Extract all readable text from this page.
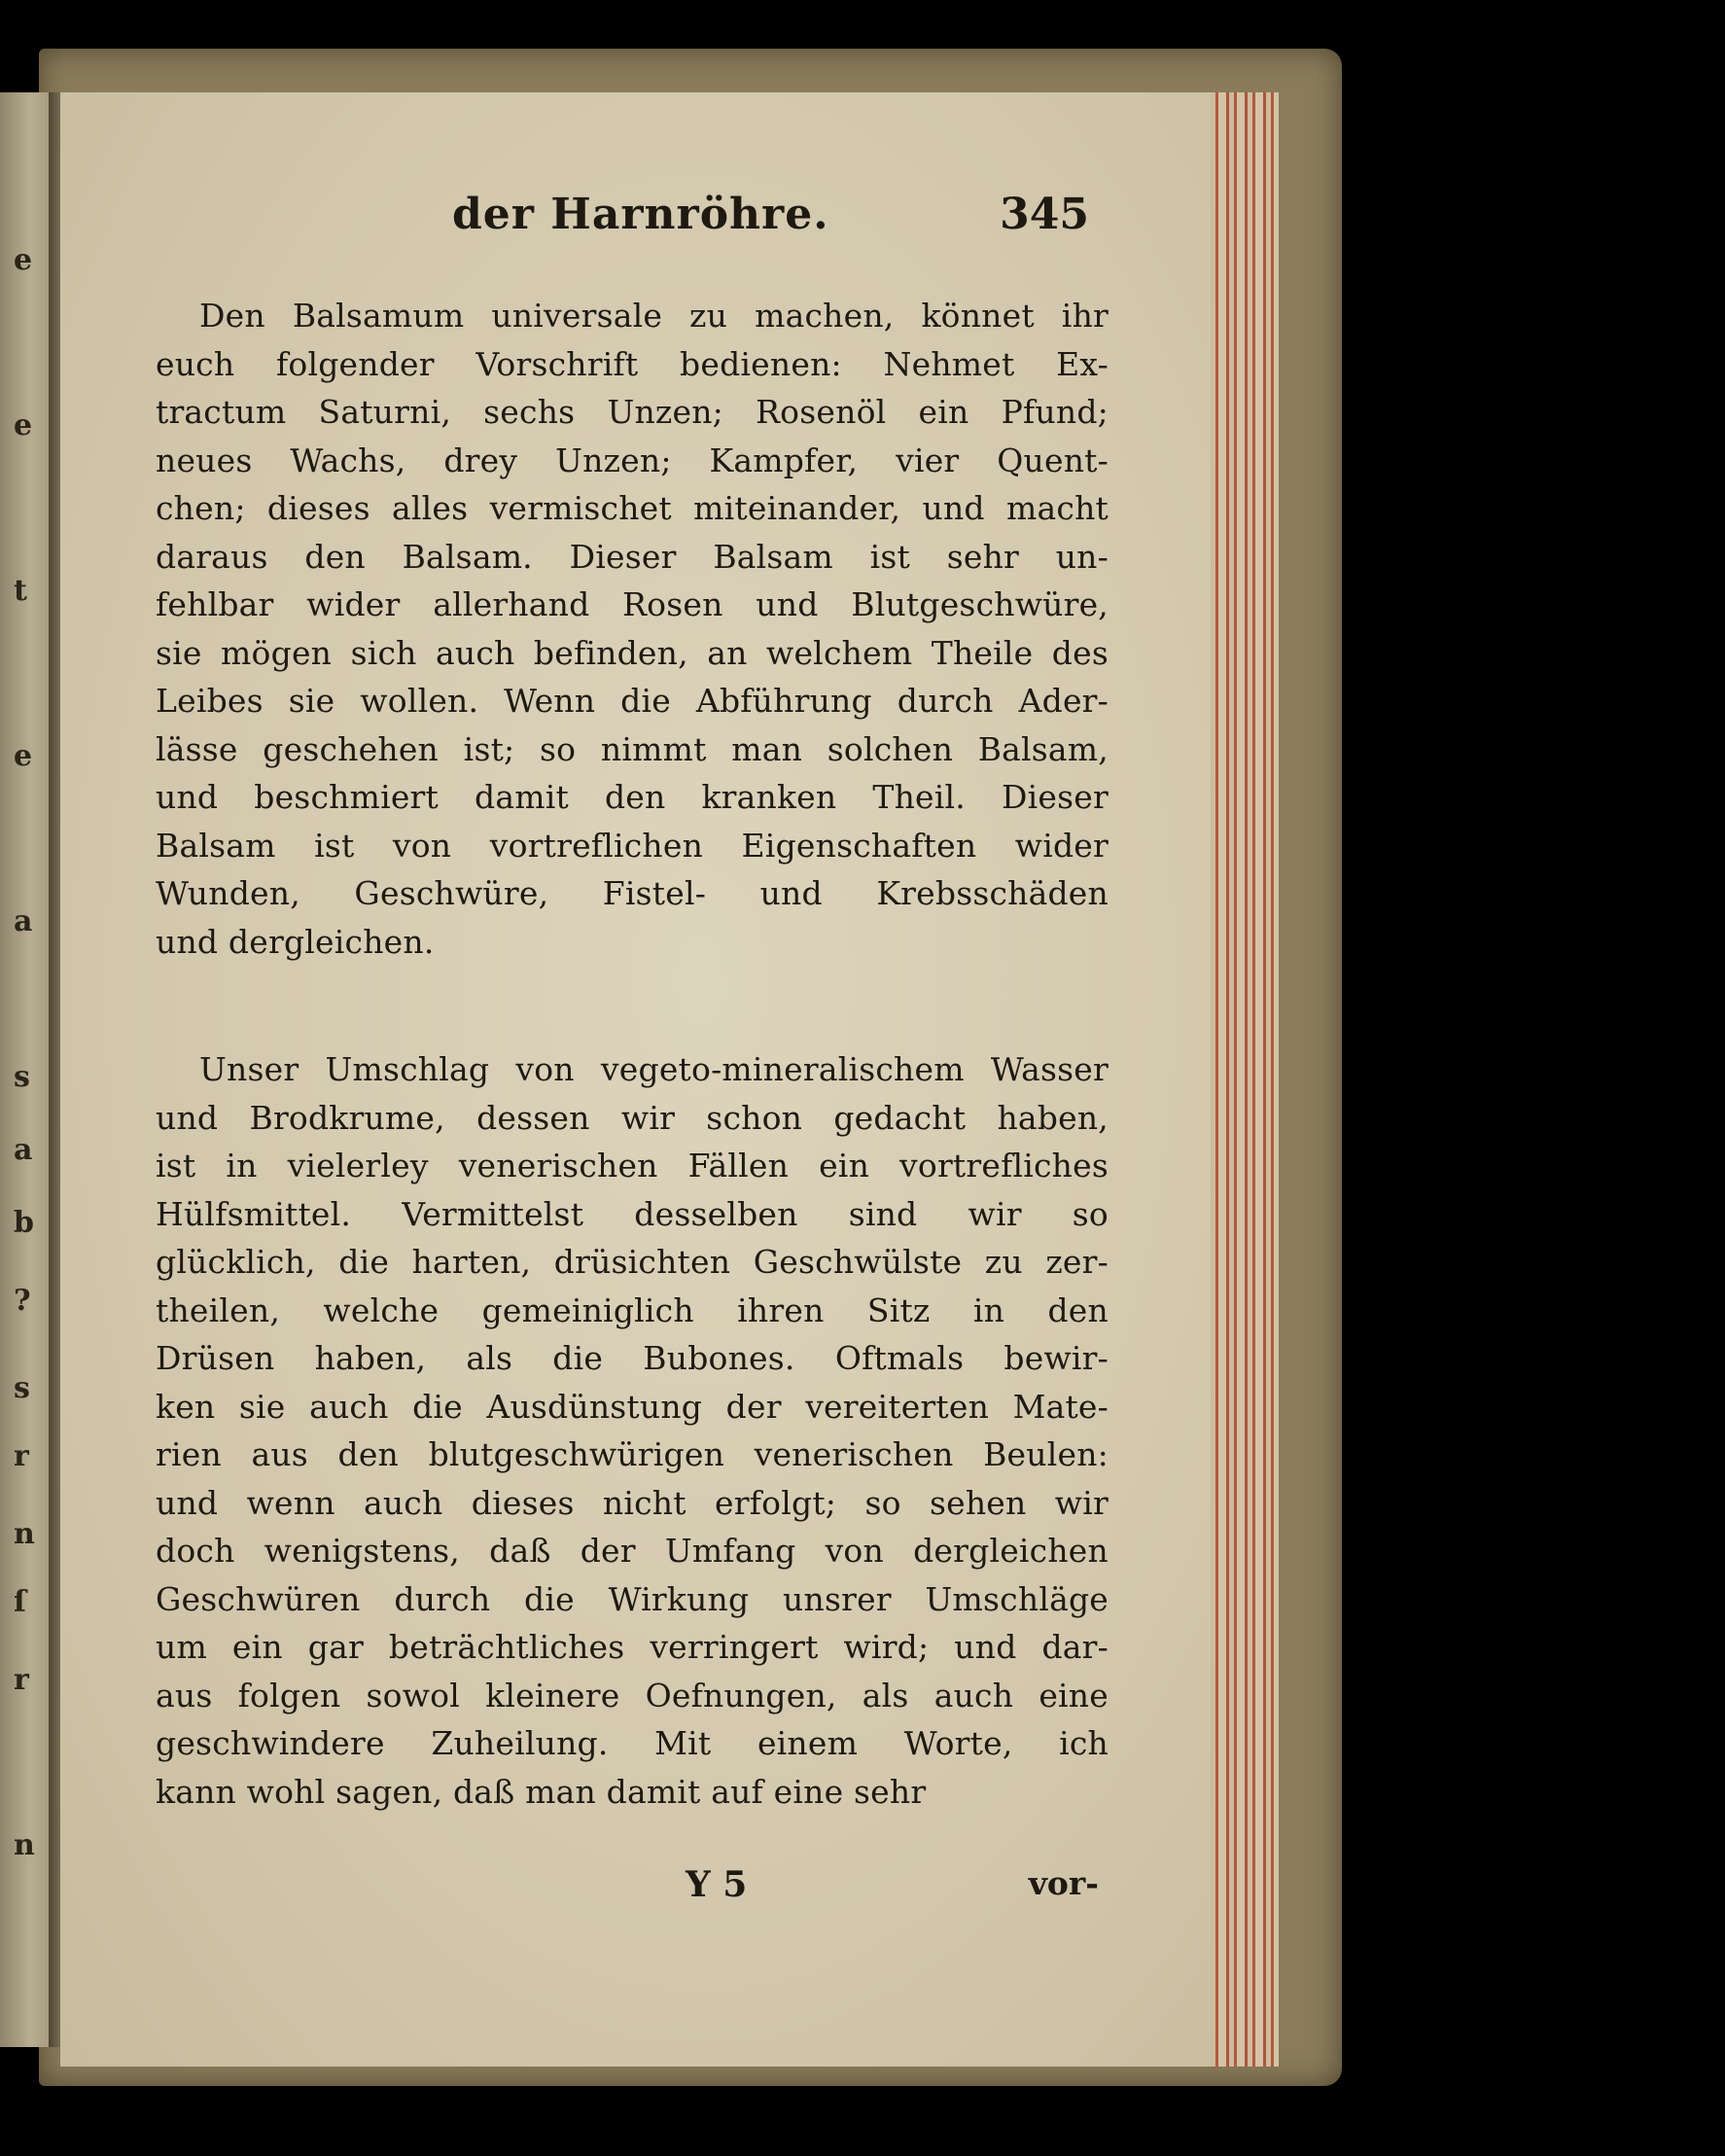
e
e
t
e
a
s
a
b
?
s
r
n
ſ
r
n
der Harnröhre.	345
Den Balsamum universale zu machen, könnet ihr
euch folgender Vorschrift bedienen: Nehmet Ex-
tractum Saturni, sechs Unzen; Rosenöl ein Pfund;
neues Wachs, drey Unzen; Kampfer, vier Quent-
chen; dieses alles vermischet miteinander, und macht
daraus den Balsam. Dieser Balsam ist sehr un-
fehlbar wider allerhand Rosen und Blutgeschwüre,
sie mögen sich auch befinden, an welchem Theile des
Leibes sie wollen. Wenn die Abführung durch Ader-
lässe geschehen ist; so nimmt man solchen Balsam,
und beschmiert damit den kranken Theil. Dieser
Balsam ist von vortreflichen Eigenschaften wider
Wunden, Geschwüre, Fistel- und Krebsschäden
und dergleichen.
Unser Umschlag von vegeto-mineralischem Wasser
und Brodkrume, dessen wir schon gedacht haben,
ist in vielerley venerischen Fällen ein vortrefliches
Hülfsmittel. Vermittelst desselben sind wir so
glücklich, die harten, drüsichten Geschwülste zu zer-
theilen, welche gemeiniglich ihren Sitz in den
Drüsen haben, als die Bubones. Oftmals bewir-
ken sie auch die Ausdünstung der vereiterten Mate-
rien aus den blutgeschwürigen venerischen Beulen:
und wenn auch dieses nicht erfolgt; so sehen wir
doch wenigstens, daß der Umfang von dergleichen
Geschwüren durch die Wirkung unsrer Umschläge
um ein gar beträchtliches verringert wird; und dar-
aus folgen sowol kleinere Oefnungen, als auch eine
geschwindere Zuheilung. Mit einem Worte, ich
kann wohl sagen, daß man damit auf eine sehr
Y 5	vor-
